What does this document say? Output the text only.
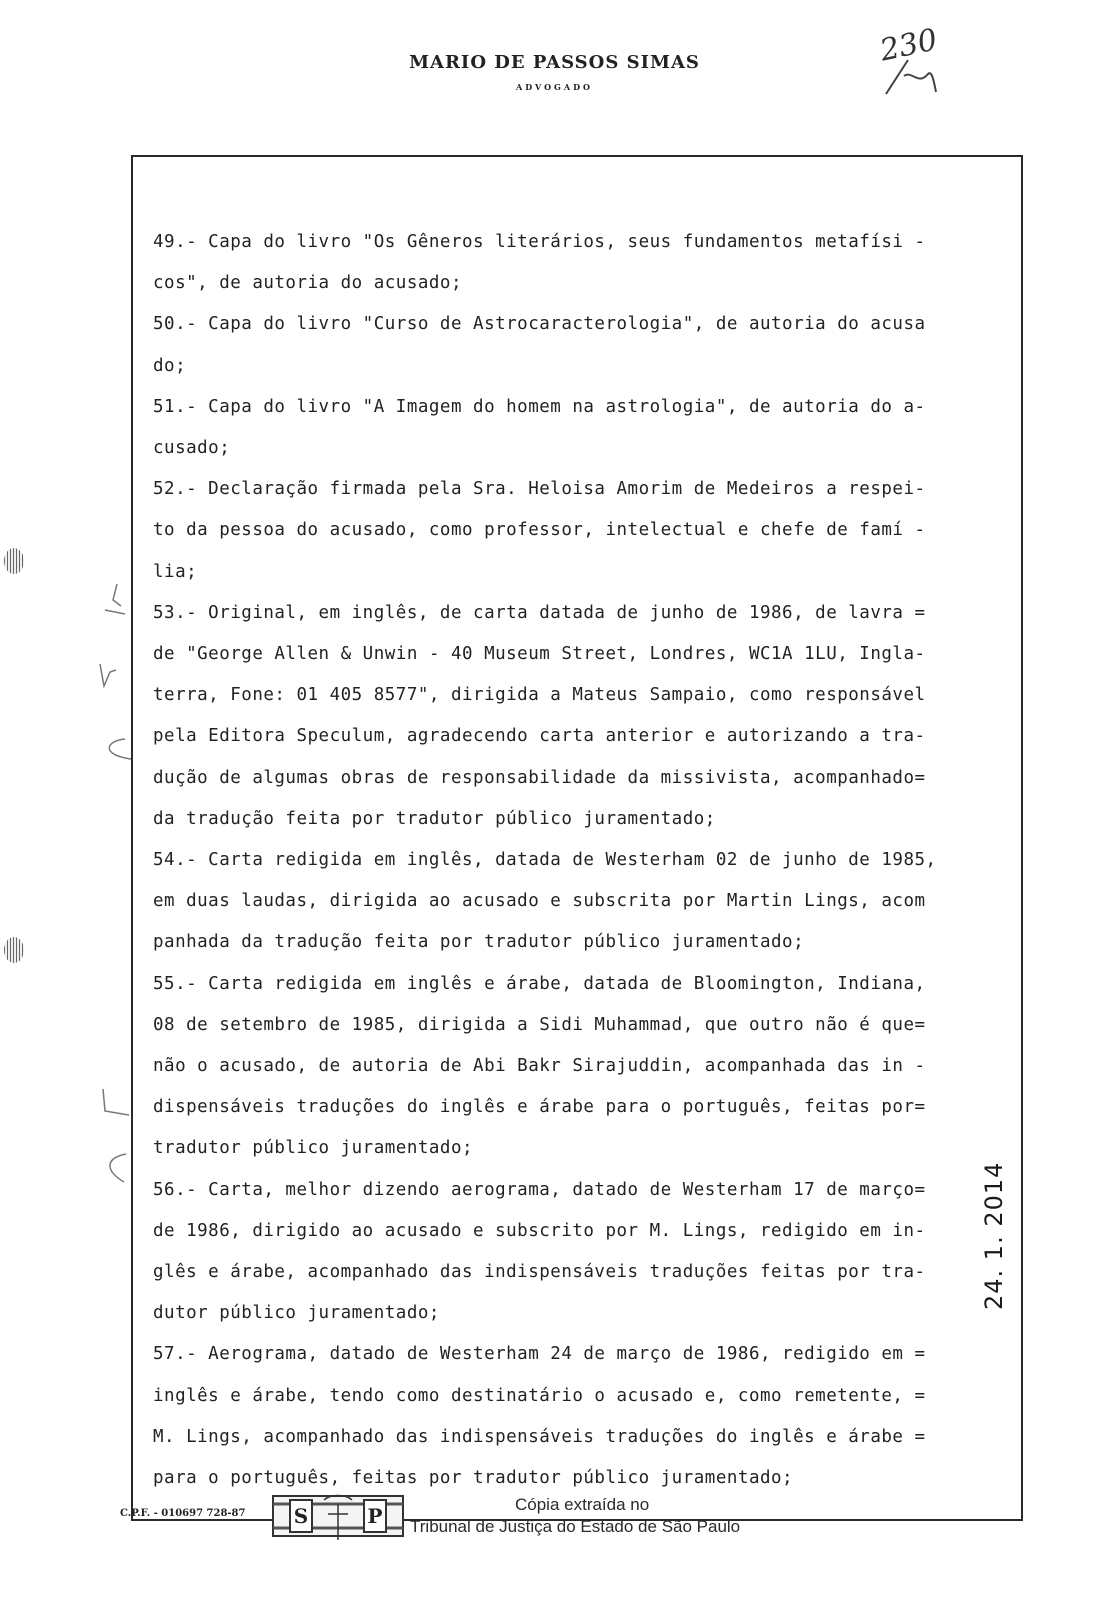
MARIO DE PASSOS SIMAS
ADVOGADO
230

49.- Capa do livro "Os Gêneros literários, seus fundamentos metafísi -

cos", de autoria do acusado;

50.- Capa do livro "Curso de Astrocaracterologia", de autoria do acusa

do;

51.- Capa do livro "A Imagem do homem na astrologia", de autoria do a-

cusado;

52.- Declaração firmada pela Sra. Heloisa Amorim de Medeiros a respei-

to da pessoa do acusado, como professor, intelectual e chefe de famí -

lia;

53.- Original, em inglês, de carta datada de junho de 1986, de lavra =

de "George Allen & Unwin - 40 Museum Street, Londres, WC1A 1LU, Ingla-

terra, Fone: 01 405 8577", dirigida a Mateus Sampaio, como responsável

pela Editora Speculum, agradecendo carta anterior e autorizando a tra-

dução de algumas obras de responsabilidade da missivista, acompanhado=

da tradução feita por tradutor público juramentado;

54.- Carta redigida em inglês, datada de Westerham 02 de junho de 1985,

em duas laudas, dirigida ao acusado e subscrita por Martin Lings, acom

panhada da tradução feita por tradutor público juramentado;

55.- Carta redigida em inglês e árabe, datada de Bloomington, Indiana,

08 de setembro de 1985, dirigida a Sidi Muhammad, que outro não é que=

não o acusado, de autoria de Abi Bakr Sirajuddin, acompanhada das in -

dispensáveis traduções do inglês e árabe para o português, feitas por=

tradutor público juramentado;

56.- Carta, melhor dizendo aerograma, datado de Westerham 17 de março=

de 1986, dirigido ao acusado e subscrito por M. Lings, redigido em in-

glês e árabe, acompanhado das indispensáveis traduções feitas por tra-

dutor público juramentado;

57.- Aerograma, datado de Westerham 24 de março de 1986, redigido em =

inglês e árabe, tendo como destinatário o acusado e, como remetente, =

M. Lings, acompanhado das indispensáveis traduções do inglês e árabe =

para o português, feitas por tradutor público juramentado;

24. 1. 2014
C.P.F. - 010697 728-87 S	P	Cópia extraída no
Tribunal de Justiça do Estado de São Paulo
